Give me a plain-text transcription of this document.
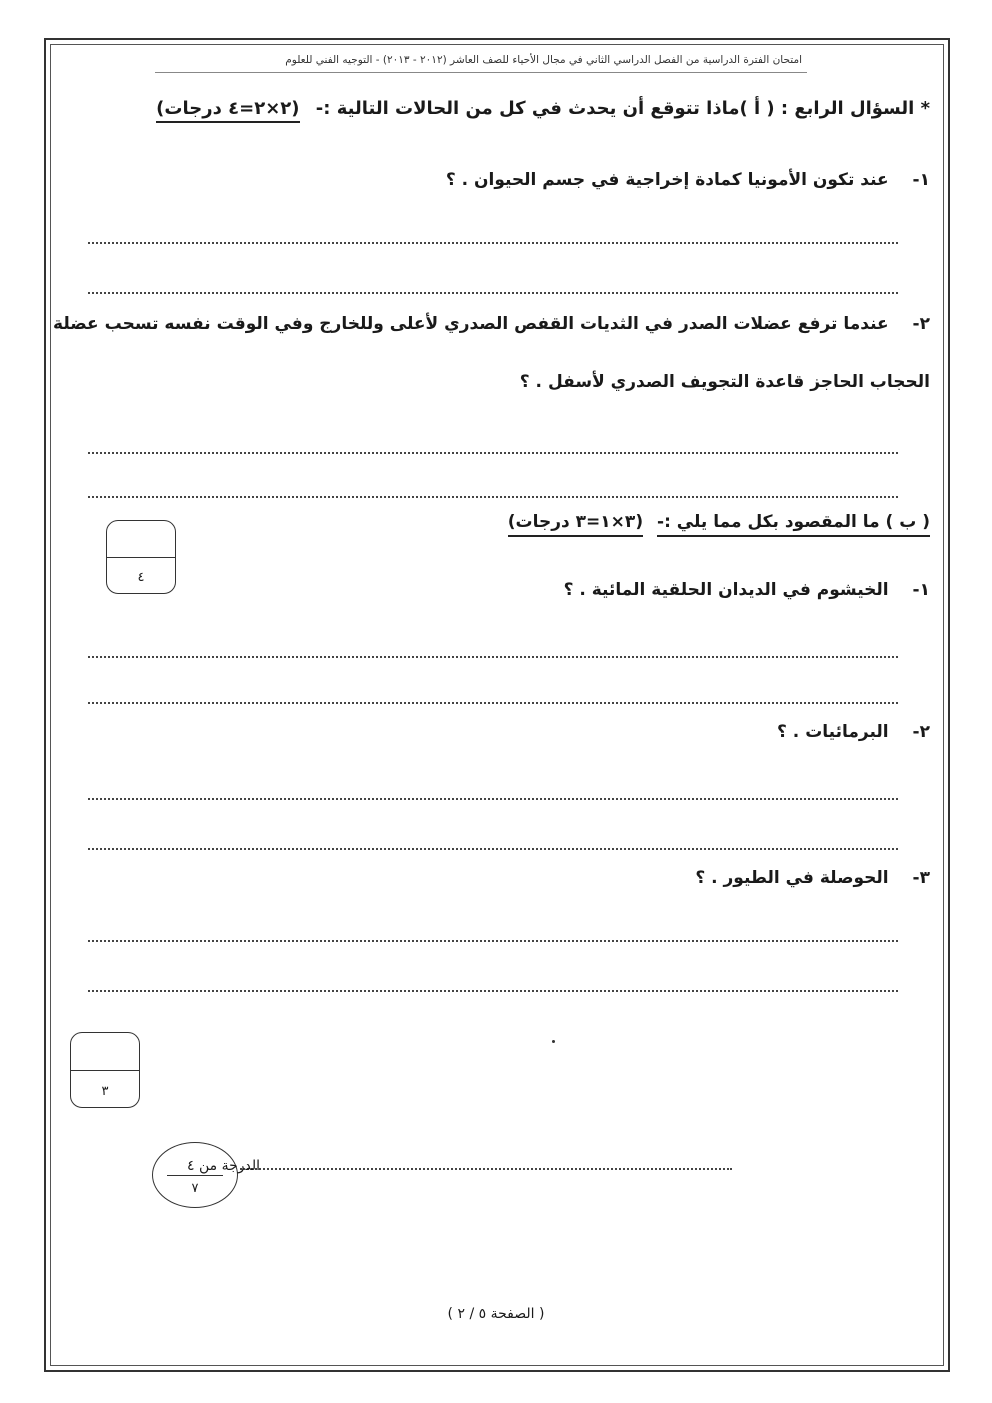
امتحان الفترة الدراسية من الفصل الدراسي الثاني في مجال الأحياء للصف العاشر (٢٠١٢ - ٢٠١٣) - التوجيه الفني للعلوم
* السؤال الرابع : ( أ )ماذا تتوقع أن يحدث في كل من الحالات التالية :- (٢×٢=٤ درجات)
١- عند تكون الأمونيا كمادة إخراجية في جسم الحيوان . ؟
٢- عندما ترفع عضلات الصدر في الثديات القفص الصدري لأعلى وللخارج وفي الوقت نفسه تسحب عضلة
الحجاب الحاجز قاعدة التجويف الصدري لأسفل . ؟
٤
( ب ) ما المقصود بكل مما يلي :- (٣×١=٣ درجات)
١- الخيشوم في الديدان الحلقية المائية . ؟
٢- البرمائيات . ؟
٣- الحوصلة في الطيور . ؟
٣
٧
الدرجة من ٤
( الصفحة ٥ / ٢ )
